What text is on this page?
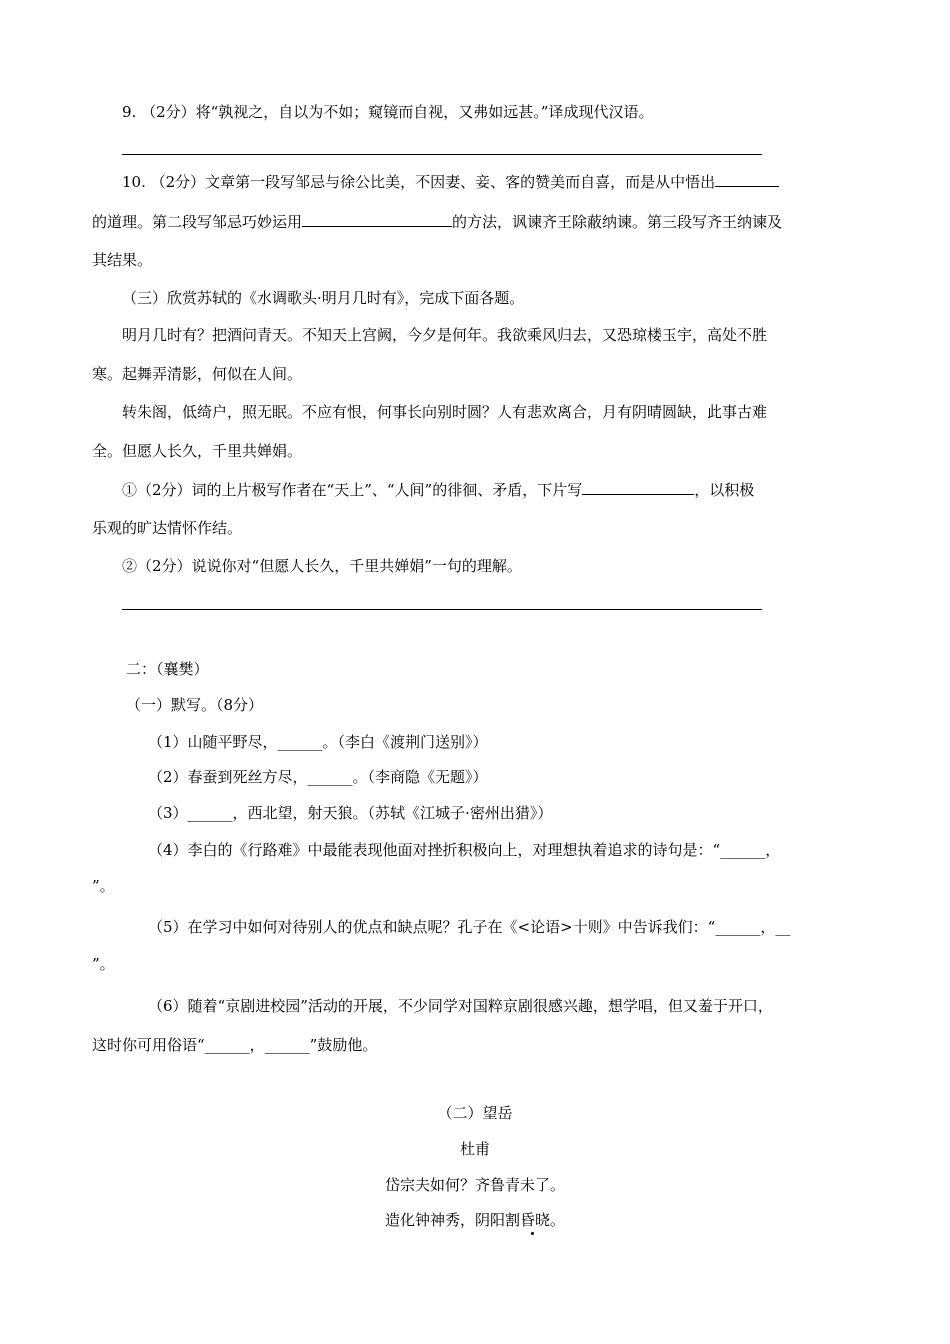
9. （2分）将“孰视之，自以为不如；窥镜而自视，又弗如远甚。”译成现代汉语。
10. （2分）文章第一段写邹忌与徐公比美，不因妻、妾、客的赞美而自喜，而是从中悟出
的道理。第二段写邹忌巧妙运用	的方法，讽谏齐王除蔽纳谏。第三段写齐王纳谏及
其结果。
（三）欣赏苏轼的《水调歌头·明月几时有》，完成下面各题。
明月几时有？把酒问青天。不知天上宫阙，今夕是何年。我欲乘风归去，又恐琼楼玉宇，高处不胜
寒。起舞弄清影，何似在人间。
转朱阁，低绮户，照无眠。不应有恨，何事长向别时圆？人有悲欢离合，月有阴晴圆缺，此事古难
全。但愿人长久，千里共婵娟。
①（2分）词的上片极写作者在“天上”、“人间”的徘徊、矛盾，下片写	，以积极
乐观的旷达情怀作结。
②（2分）说说你对“但愿人长久，千里共婵娟”一句的理解。
二：（襄樊）
（一）默写。（8分）
（1）山随平野尽，______。（李白《渡荆门送别》）
（2）春蚕到死丝方尽，______。（李商隐《无题》）
（3）______，西北望，射天狼。（苏轼《江城子·密州出猎》）
（4）李白的《行路难》中最能表现他面对挫折积极向上，对理想执着追求的诗句是：“______，
”。
（5）在学习中如何对待别人的优点和缺点呢？孔子在《<论语>十则》中告诉我们：“______，__
”。
（6）随着“京剧进校园”活动的开展，不少同学对国粹京剧很感兴趣，想学唱，但又羞于开口，
这时你可用俗语“______，______”鼓励他。
（二）望岳
杜甫
岱宗夫如何？齐鲁青未了。
造化钟神秀，阴阳割昏晓。
